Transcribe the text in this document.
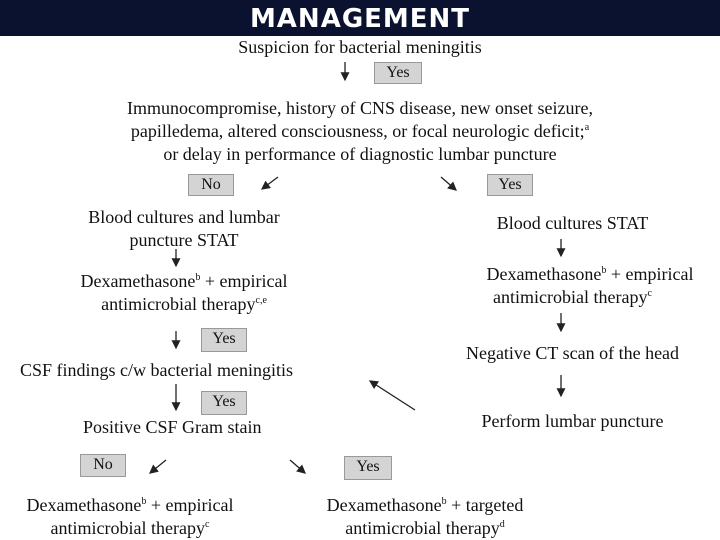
MANAGEMENT
Suspicion for bacterial meningitis
Yes
Immunocompromise, history of CNS disease, new onset seizure,
papilledema, altered consciousness, or focal neurologic deficit;$^a$
or delay in performance of diagnostic lumbar puncture
No	Yes
Blood cultures and lumbar
puncture STAT
Dexamethasone$^b$ + empirical
antimicrobial therapy$^{c,e}$
Yes
CSF findings c/w bacterial meningitis
Yes
Positive CSF Gram stain
No	Yes
Dexamethasone$^b$ + empirical
antimicrobial therapy$^c$
Dexamethasone$^b$ + targeted
antimicrobial therapy$^d$
Blood cultures STAT
Dexamethasone$^b$ + empirical
antimicrobial therapy$^c$
Negative CT scan of the head
Perform lumbar puncture
